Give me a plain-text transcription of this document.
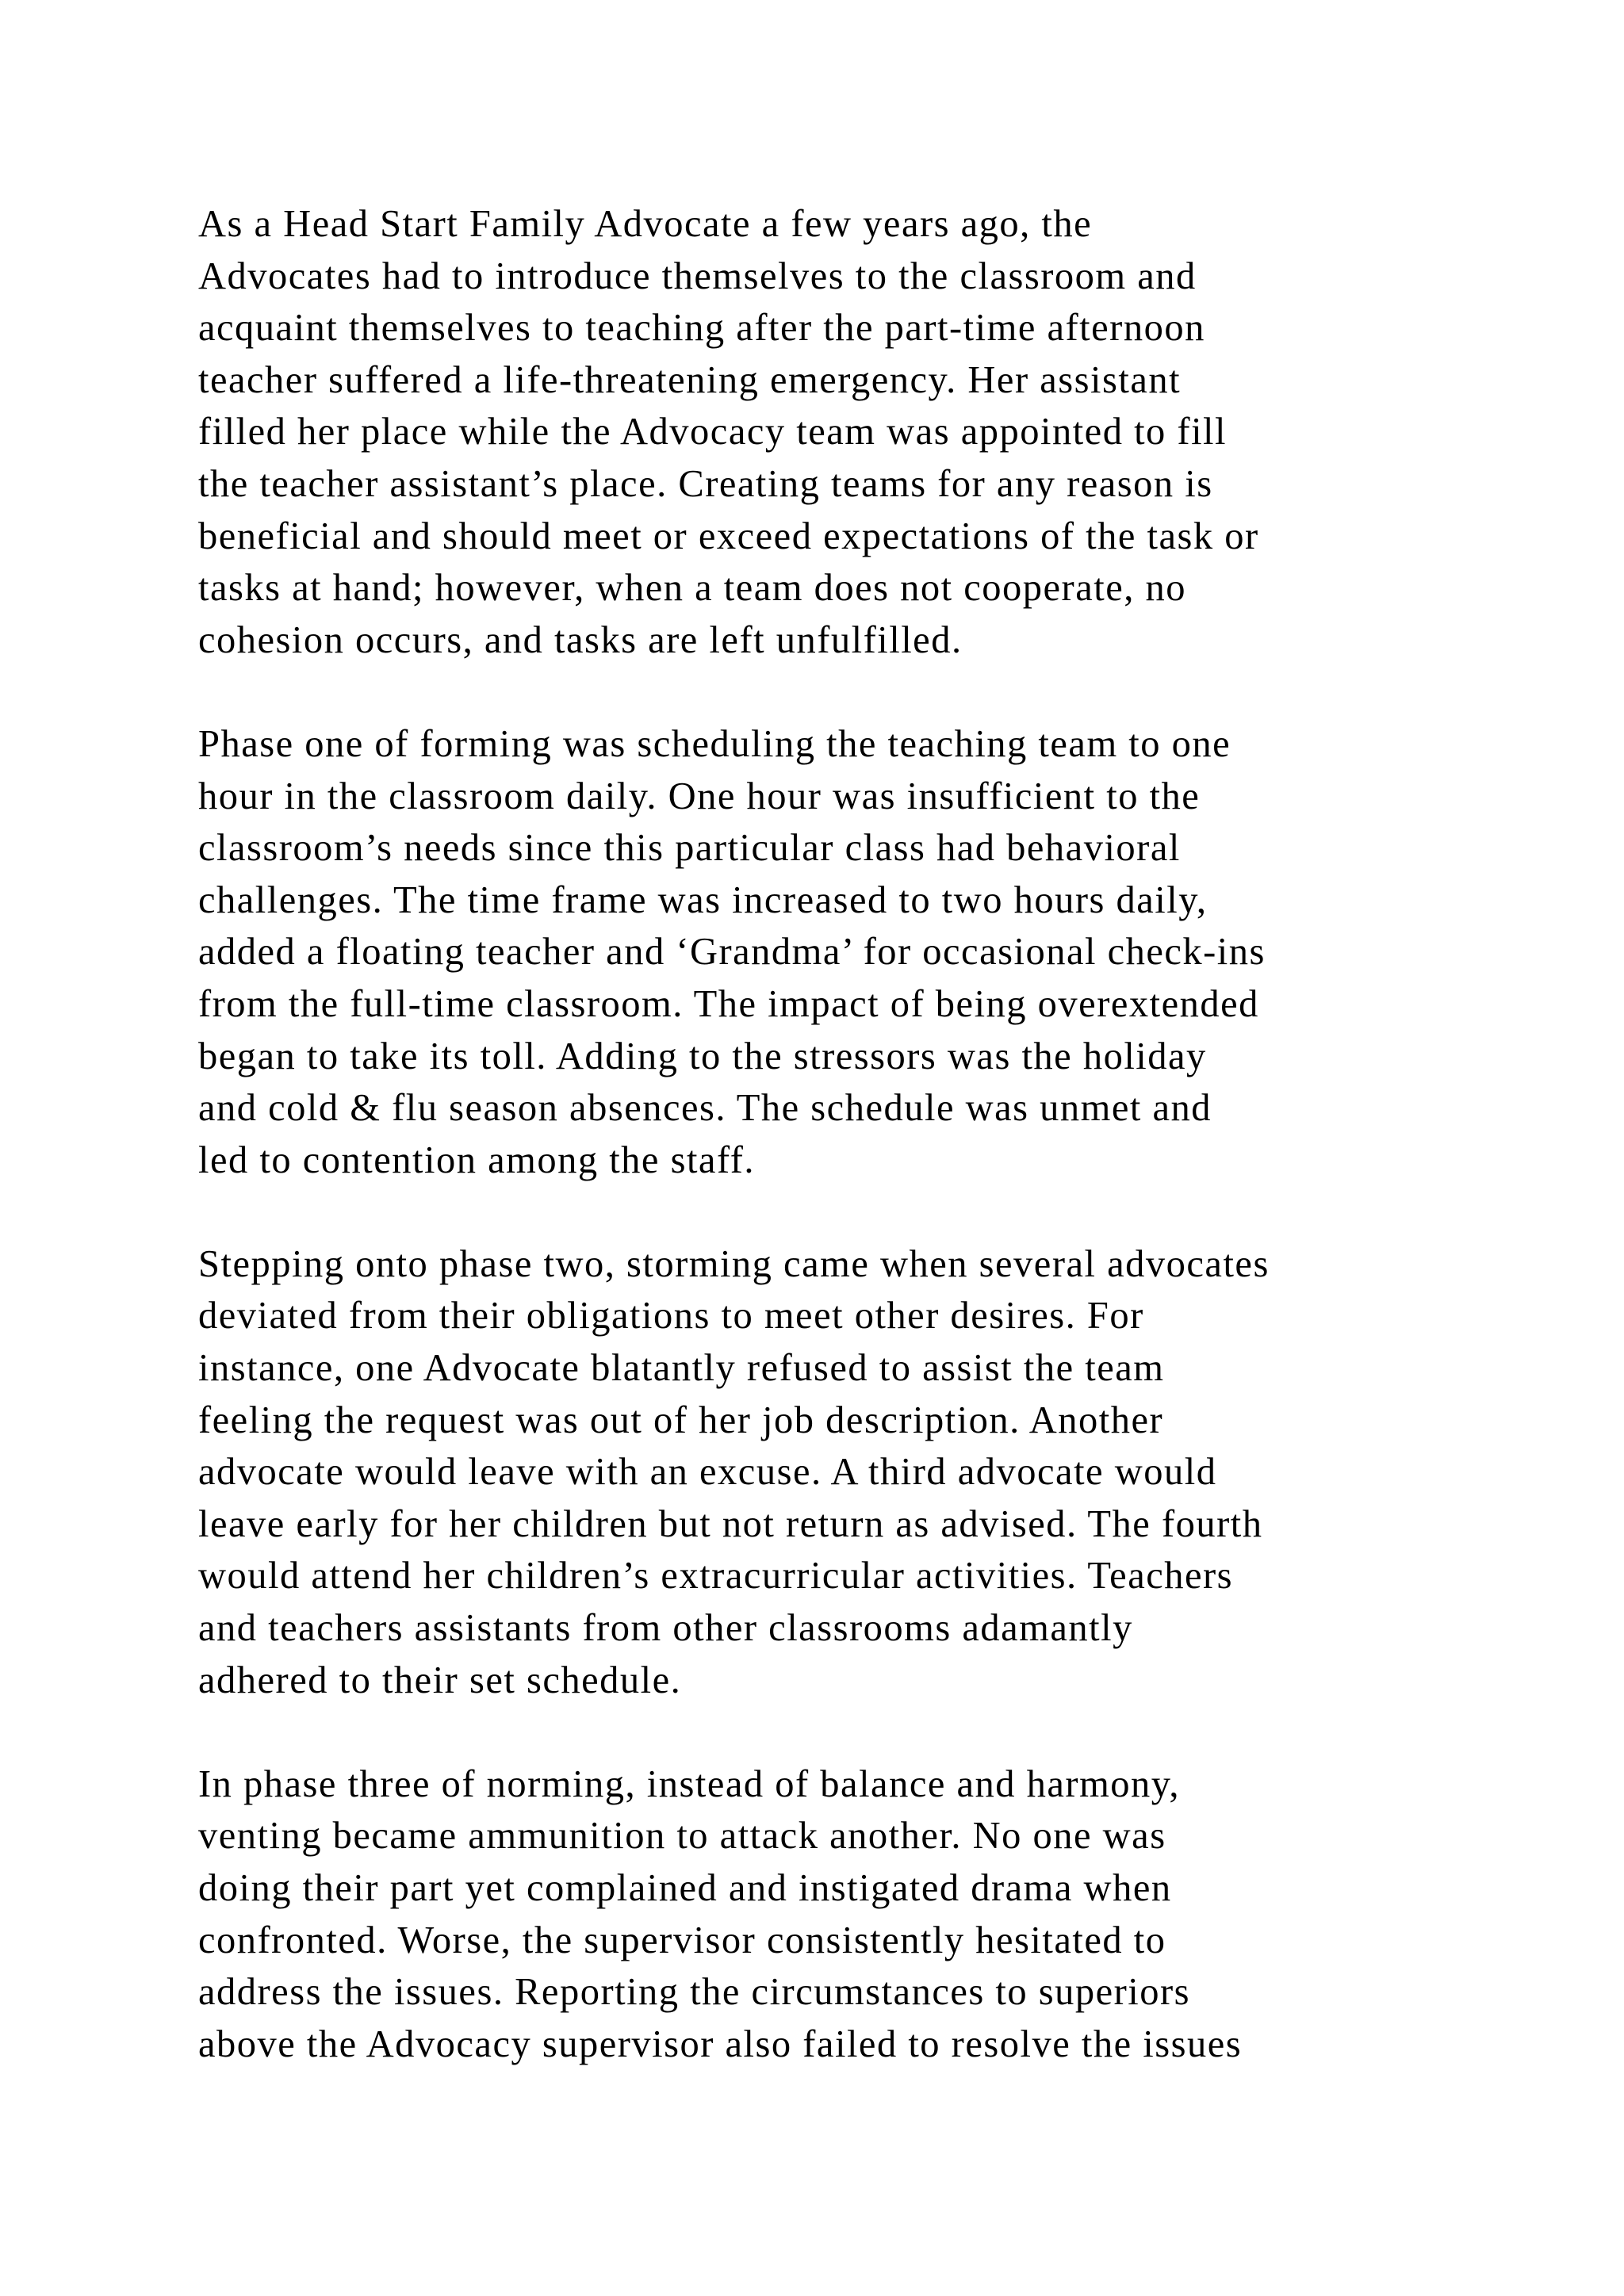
As a Head Start Family Advocate a few years ago, the
Advocates had to introduce themselves to the classroom and
acquaint themselves to teaching after the part-time afternoon
teacher suffered a life-threatening emergency. Her assistant
filled her place while the Advocacy team was appointed to fill
the teacher assistant’s place. Creating teams for any reason is
beneficial and should meet or exceed expectations of the task or
tasks at hand; however, when a team does not cooperate, no
cohesion occurs, and tasks are left unfulfilled.

Phase one of forming was scheduling the teaching team to one
hour in the classroom daily. One hour was insufficient to the
classroom’s needs since this particular class had behavioral
challenges. The time frame was increased to two hours daily,
added a floating teacher and ‘Grandma’ for occasional check-ins
from the full-time classroom. The impact of being overextended
began to take its toll. Adding to the stressors was the holiday
and cold & flu season absences. The schedule was unmet and
led to contention among the staff.

Stepping onto phase two, storming came when several advocates
deviated from their obligations to meet other desires. For
instance, one Advocate blatantly refused to assist the team
feeling the request was out of her job description. Another
advocate would leave with an excuse. A third advocate would
leave early for her children but not return as advised. The fourth
would attend her children’s extracurricular activities. Teachers
and teachers assistants from other classrooms adamantly
adhered to their set schedule.

In phase three of norming, instead of balance and harmony,
venting became ammunition to attack another. No one was
doing their part yet complained and instigated drama when
confronted. Worse, the supervisor consistently hesitated to
address the issues. Reporting the circumstances to superiors
above the Advocacy supervisor also failed to resolve the issues
